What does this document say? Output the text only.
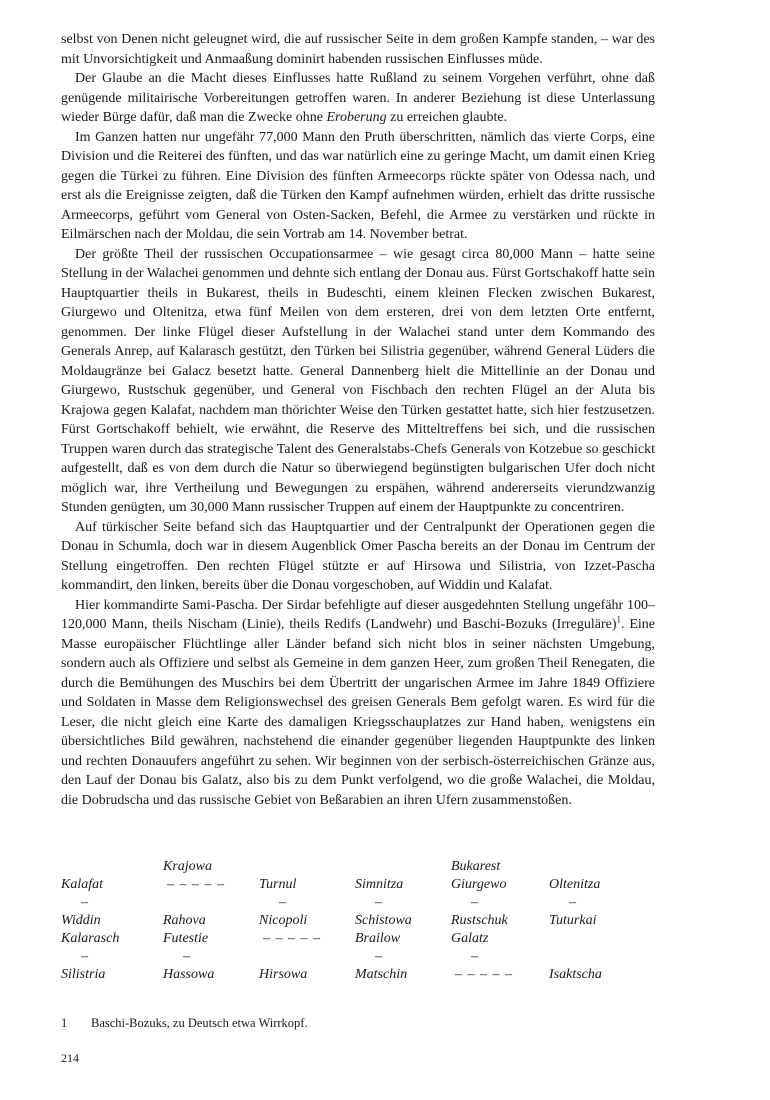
selbst von Denen nicht geleugnet wird, die auf russischer Seite in dem großen Kampfe standen, – war des mit Unvorsichtigkeit und Anmaaßung dominirt habenden russischen Einflusses müde.

Der Glaube an die Macht dieses Einflusses hatte Rußland zu seinem Vorgehen verführt, ohne daß genügende militairische Vorbereitungen getroffen waren. In anderer Beziehung ist diese Unterlassung wieder Bürge dafür, daß man die Zwecke ohne Eroberung zu erreichen glaubte.

Im Ganzen hatten nur ungefähr 77,000 Mann den Pruth überschritten, nämlich das vierte Corps, eine Division und die Reiterei des fünften, und das war natürlich eine zu geringe Macht, um damit einen Krieg gegen die Türkei zu führen. Eine Division des fünften Armeecorps rückte später von Odessa nach, und erst als die Ereignisse zeigten, daß die Türken den Kampf aufnehmen würden, erhielt das dritte russische Armeecorps, geführt vom General von Osten-Sacken, Befehl, die Armee zu verstärken und rückte in Eilmärschen nach der Moldau, die sein Vortrab am 14. November betrat.

Der größte Theil der russischen Occupationsarmee – wie gesagt circa 80,000 Mann – hatte seine Stellung in der Walachei genommen und dehnte sich entlang der Donau aus. Fürst Gortschakoff hatte sein Hauptquartier theils in Bukarest, theils in Budeschti, einem kleinen Flecken zwischen Bukarest, Giurgewo und Oltenitza, etwa fünf Meilen von dem ersteren, drei von dem letzten Orte entfernt, genommen. Der linke Flügel dieser Aufstellung in der Walachei stand unter dem Kommando des Generals Anrep, auf Kalarasch gestützt, den Türken bei Silistria gegenüber, während General Lüders die Moldaugränze bei Galacz besetzt hatte. General Dannenberg hielt die Mittellinie an der Donau und Giurgewo, Rustschuk gegenüber, und General von Fischbach den rechten Flügel an der Aluta bis Krajowa gegen Kalafat, nachdem man thörichter Weise den Türken gestattet hatte, sich hier festzusetzen. Fürst Gortschakoff behielt, wie erwähnt, die Reserve des Mitteltreffens bei sich, und die russischen Truppen waren durch das strategische Talent des Generalstabs-Chefs Generals von Kotzebue so geschickt aufgestellt, daß es von dem durch die Natur so überwiegend begünstigten bulgarischen Ufer doch nicht möglich war, ihre Vertheilung und Bewegungen zu erspähen, während andererseits vierundzwanzig Stunden genügten, um 30,000 Mann russischer Truppen auf einem der Hauptpunkte zu concentriren.

Auf türkischer Seite befand sich das Hauptquartier und der Centralpunkt der Operationen gegen die Donau in Schumla, doch war in diesem Augenblick Omer Pascha bereits an der Donau im Centrum der Stellung eingetroffen. Den rechten Flügel stützte er auf Hirsowa und Silistria, von Izzet-Pascha kommandirt, den linken, bereits über die Donau vorgeschoben, auf Widdin und Kalafat.

Hier kommandirte Sami-Pascha. Der Sirdar befehligte auf dieser ausgedehnten Stellung ungefähr 100–120,000 Mann, theils Nischam (Linie), theils Redifs (Landwehr) und Baschi-Bozuks (Irreguläre)$^1$. Eine Masse europäischer Flüchtlinge aller Länder befand sich nicht blos in seiner nächsten Umgebung, sondern auch als Offiziere und selbst als Gemeine in dem ganzen Heer, zum großen Theil Renegaten, die durch die Bemühungen des Muschirs bei dem Übertritt der ungarischen Armee im Jahre 1849 Offiziere und Soldaten in Masse dem Religionswechsel des greisen Generals Bem gefolgt waren. Es wird für die Leser, die nicht gleich eine Karte des damaligen Kriegsschauplatzes zur Hand haben, wenigstens ein übersichtliches Bild gewähren, nachstehend die einander gegenüber liegenden Hauptpunkte des linken und rechten Donauufers angeführt zu sehen. Wir beginnen von der serbisch-österreichischen Gränze aus, den Lauf der Donau bis Galatz, also bis zu dem Punkt verfolgend, wo die große Walachei, die Moldau, die Dobrudscha und das russische Gebiet von Beßarabien an ihren Ufern zusammenstoßen.

	Krajowa			Bukarest	
Kalafat	– – – – –	Turnul	Simnitza	Giurgewo	Oltenitza
–		–	–	–	–
Widdin	Rahova	Nicopoli	Schistowa	Rustschuk	Tuturkai
Kalarasch	Futestie	– – – – –	Brailow	Galatz	
–	–		–	–	
Silistria	Hassowa	Hirsowa	Matschin	– – – – –	Isaktscha
1 Baschi-Bozuks, zu Deutsch etwa Wirrkopf.
214
